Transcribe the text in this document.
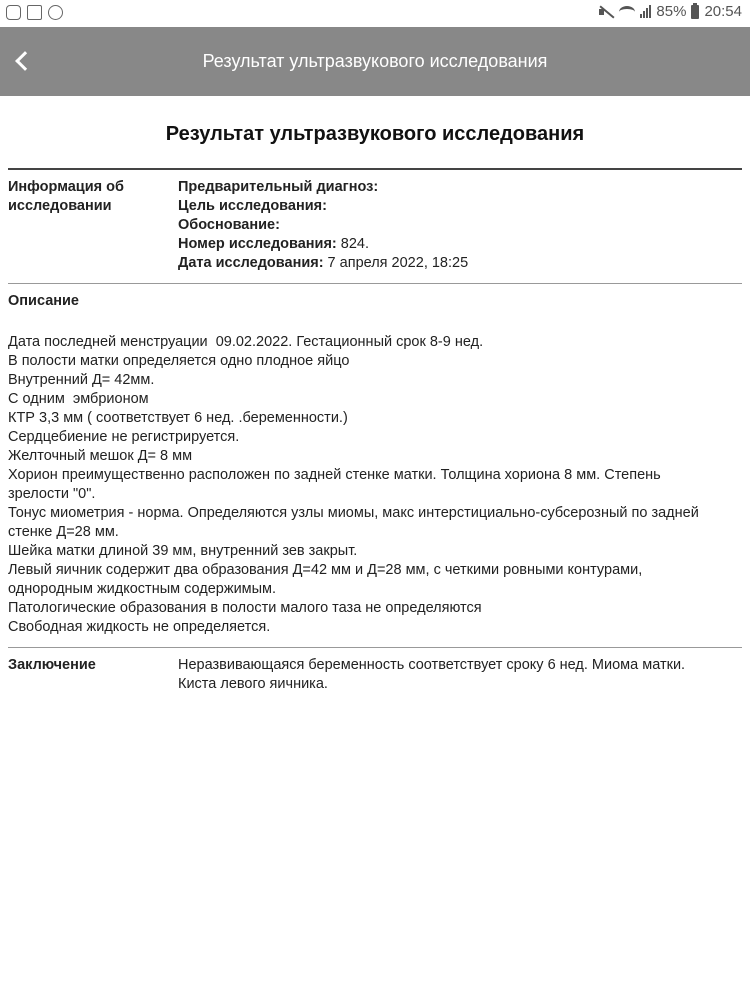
85% 20:54
Результат ультразвукового исследования
Результат ультразвукового исследования
Информация об исследовании
Предварительный диагноз:
Цель исследования:
Обоснование:
Номер исследования: 824.
Дата исследования: 7 апреля 2022, 18:25
Описание
Дата последней менструации  09.02.2022. Гестационный срок 8-9 нед.
В полости матки определяется одно плодное яйцо
Внутренний Д= 42мм.
С одним  эмбрионом
КТР 3,3 мм ( соответствует 6 нед. .беременности.)
Сердцебиение не регистрируется.
Желточный мешок Д= 8 мм
Хорион преимущественно расположен по задней стенке матки. Толщина хориона 8 мм. Степень
зрелости "0".
Тонус миометрия - норма. Определяются узлы миомы, макс интерстициально-субсерозный по задней
стенке Д=28 мм.
Шейка матки длиной 39 мм, внутренний зев закрыт.
Левый яичник содержит два образования Д=42 мм и Д=28 мм, с четкими ровными контурами,
однородным жидкостным содержимым.
Патологические образования в полости малого таза не определяются
Свободная жидкость не определяется.
Заключение	Неразвивающаяся беременность соответствует сроку 6 нед. Миома матки.
Киста левого яичника.
